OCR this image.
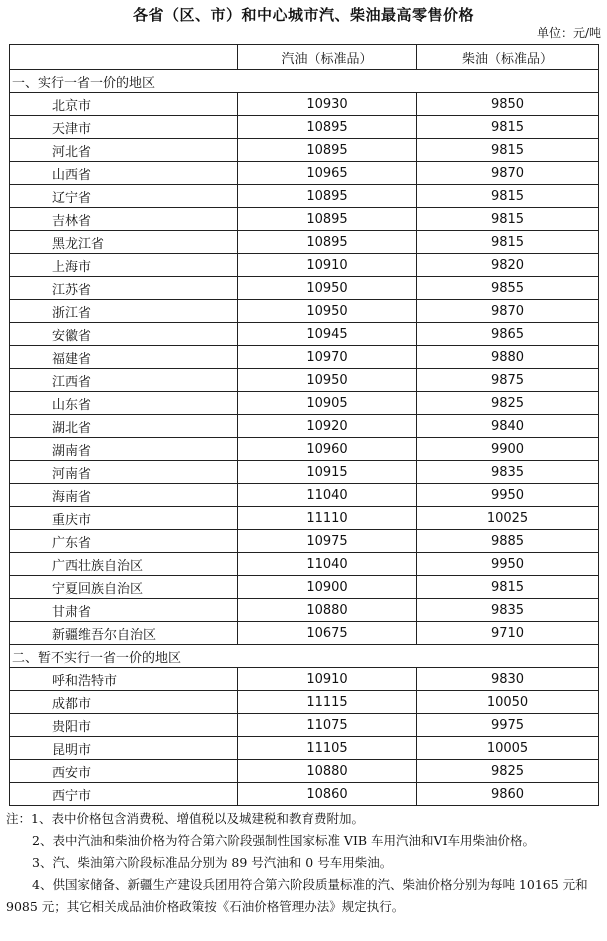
各省（区、市）和中心城市汽、柴油最高零售价格
单位：元/吨
	汽油（标准品）	柴油（标准品）
一、实行一省一价的地区		
北京市	10930	9850
天津市	10895	9815
河北省	10895	9815
山西省	10965	9870
辽宁省	10895	9815
吉林省	10895	9815
黑龙江省	10895	9815
上海市	10910	9820
江苏省	10950	9855
浙江省	10950	9870
安徽省	10945	9865
福建省	10970	9880
江西省	10950	9875
山东省	10905	9825
湖北省	10920	9840
湖南省	10960	9900
河南省	10915	9835
海南省	11040	9950
重庆市	11110	10025
广东省	10975	9885
广西壮族自治区	11040	9950
宁夏回族自治区	10900	9815
甘肃省	10880	9835
新疆维吾尔自治区	10675	9710
二、暂不实行一省一价的地区		
呼和浩特市	10910	9830
成都市	11115	10050
贵阳市	11075	9975
昆明市	11105	10005
西安市	10880	9825
西宁市	10860	9860

注：1、表中价格包含消费税、增值税以及城建税和教育费附加。

2、表中汽油和柴油价格为符合第六阶段强制性国家标准 VIB 车用汽油和VI车用柴油价格。

3、汽、柴油第六阶段标准品分别为 89 号汽油和 0 号车用柴油。

4、供国家储备、新疆生产建设兵团用符合第六阶段质量标准的汽、柴油价格分别为每吨 10165 元和 9085 元；其它相关成品油价格政策按《石油价格管理办法》规定执行。
